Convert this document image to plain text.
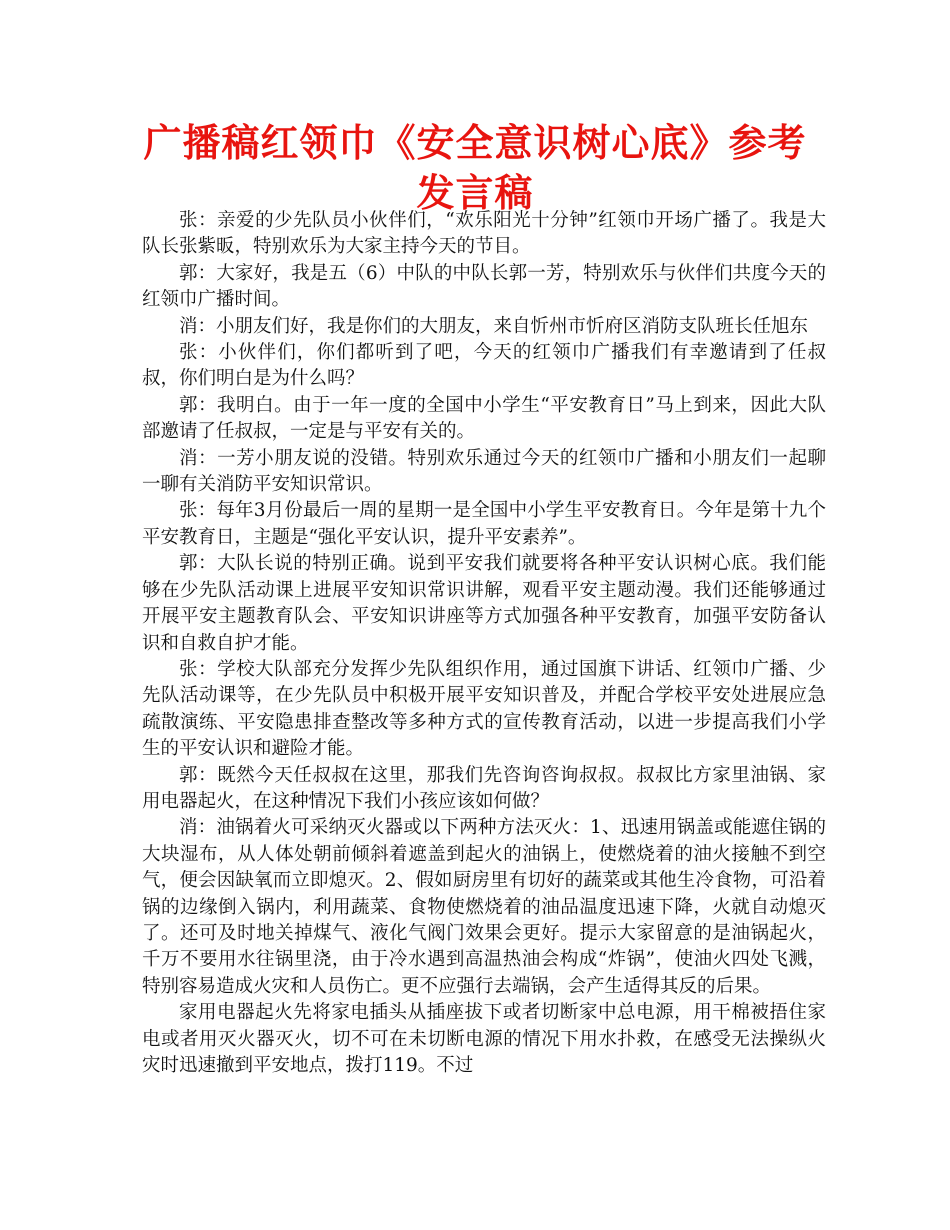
广播稿红领巾《安全意识树心底》参考发言稿

张：亲爱的少先队员小伙伴们，“欢乐阳光十分钟”红领巾开场广播了。我是大队长张紫昄，特别欢乐为大家主持今天的节目。

郭：大家好，我是五（6）中队的中队长郭一芳，特别欢乐与伙伴们共度今天的红领巾广播时间。

消：小朋友们好，我是你们的大朋友，来自忻州市忻府区消防支队班长任旭东

张：小伙伴们，你们都听到了吧，今天的红领巾广播我们有幸邀请到了任叔叔，你们明白是为什么吗？

郭：我明白。由于一年一度的全国中小学生“平安教育日”马上到来，因此大队部邀请了任叔叔，一定是与平安有关的。

消：一芳小朋友说的没错。特别欢乐通过今天的红领巾广播和小朋友们一起聊一聊有关消防平安知识常识。

张：每年3月份最后一周的星期一是全国中小学生平安教育日。今年是第十九个平安教育日，主题是“强化平安认识，提升平安素养”。

郭：大队长说的特别正确。说到平安我们就要将各种平安认识树心底。我们能够在少先队活动课上进展平安知识常识讲解，观看平安主题动漫。我们还能够通过开展平安主题教育队会、平安知识讲座等方式加强各种平安教育，加强平安防备认识和自救自护才能。

张：学校大队部充分发挥少先队组织作用，通过国旗下讲话、红领巾广播、少先队活动课等，在少先队员中积极开展平安知识普及，并配合学校平安处进展应急疏散演练、平安隐患排查整改等多种方式的宣传教育活动，以进一步提高我们小学生的平安认识和避险才能。

郭：既然今天任叔叔在这里，那我们先咨询咨询叔叔。叔叔比方家里油锅、家用电器起火，在这种情况下我们小孩应该如何做？

消：油锅着火可采纳灭火器或以下两种方法灭火：1、迅速用锅盖或能遮住锅的大块湿布，从人体处朝前倾斜着遮盖到起火的油锅上，使燃烧着的油火接触不到空气，便会因缺氧而立即熄灭。2、假如厨房里有切好的蔬菜或其他生冷食物，可沿着锅的边缘倒入锅内，利用蔬菜、食物使燃烧着的油品温度迅速下降，火就自动熄灭了。还可及时地关掉煤气、液化气阀门效果会更好。提示大家留意的是油锅起火，千万不要用水往锅里浇，由于冷水遇到高温热油会构成“炸锅”，使油火四处飞溅，特别容易造成火灾和人员伤亡。更不应强行去端锅，会产生适得其反的后果。

家用电器起火先将家电插头从插座拔下或者切断家中总电源，用干棉被捂住家电或者用灭火器灭火，切不可在未切断电源的情况下用水扑救，在感受无法操纵火灾时迅速撤到平安地点，拨打119。不过
